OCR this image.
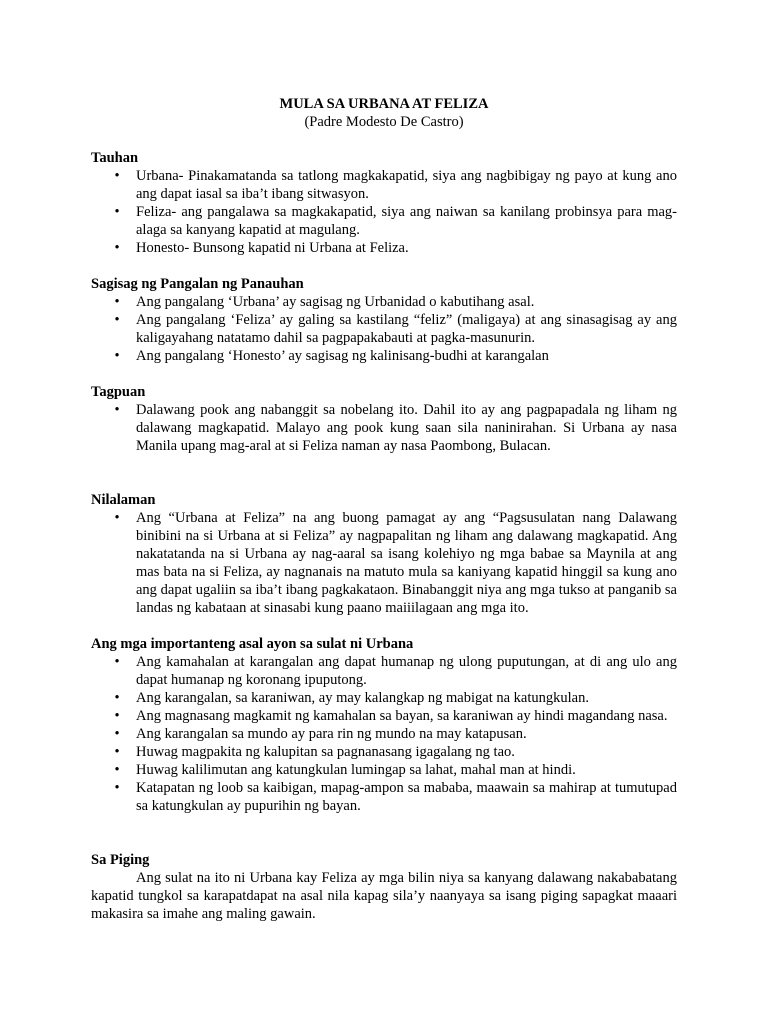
MULA SA URBANA AT FELIZA
(Padre Modesto De Castro)
Tauhan
• Urbana- Pinakamatanda sa tatlong magkakapatid, siya ang nagbibigay ng payo at kung ano ang dapat iasal sa iba’t ibang sitwasyon.
• Feliza- ang pangalawa sa magkakapatid, siya ang naiwan sa kanilang probinsya para mag-alaga sa kanyang kapatid at magulang.
• Honesto- Bunsong kapatid ni Urbana at Feliza.
Sagisag ng Pangalan ng Panauhan
• Ang pangalang ‘Urbana’ ay sagisag ng Urbanidad o kabutihang asal.
• Ang pangalang ‘Feliza’ ay galing sa kastilang “feliz” (maligaya) at ang sinasagisag ay ang kaligayahang natatamo dahil sa pagpapakabauti at pagka-masunurin.
• Ang pangalang ‘Honesto’ ay sagisag ng kalinisang-budhi at karangalan
Tagpuan
• Dalawang pook ang nabanggit sa nobelang ito. Dahil ito ay ang pagpapadala ng liham ng dalawang magkapatid. Malayo ang pook kung saan sila naninirahan. Si Urbana ay nasa Manila upang mag-aral at si Feliza naman ay nasa Paombong, Bulacan.
Nilalaman
• Ang “Urbana at Feliza” na ang buong pamagat ay ang “Pagsusulatan nang Dalawang binibini na si Urbana at si Feliza” ay nagpapalitan ng liham ang dalawang magkapatid. Ang nakatatanda na si Urbana ay nag-aaral sa isang kolehiyo ng mga babae sa Maynila at ang mas bata na si Feliza, ay nagnanais na matuto mula sa kaniyang kapatid hinggil sa kung ano ang dapat ugaliin sa iba’t ibang pagkakataon. Binabanggit niya ang mga tukso at panganib sa landas ng kabataan at sinasabi kung paano maiiilagaan ang mga ito.
Ang mga importanteng asal ayon sa sulat ni Urbana
• Ang kamahalan at karangalan ang dapat humanap ng ulong puputungan, at di ang ulo ang dapat humanap ng koronang ipuputong.
• Ang karangalan, sa karaniwan, ay may kalangkap ng mabigat na katungkulan.
• Ang magnasang magkamit ng kamahalan sa bayan, sa karaniwan ay hindi magandang nasa.
• Ang karangalan sa mundo ay para rin ng mundo na may katapusan.
• Huwag magpakita ng kalupitan sa pagnanasang igagalang ng tao.
• Huwag kalilimutan ang katungkulan lumingap sa lahat, mahal man at hindi.
• Katapatan ng loob sa kaibigan, mapag-ampon sa mababa, maawain sa mahirap at tumutupad sa katungkulan ay pupurihin ng bayan.
Sa Piging

Ang sulat na ito ni Urbana kay Feliza ay mga bilin niya sa kanyang dalawang nakababatang kapatid tungkol sa karapatdapat na asal nila kapag sila’y naanyaya sa isang piging sapagkat maaari makasira sa imahe ang maling gawain.
